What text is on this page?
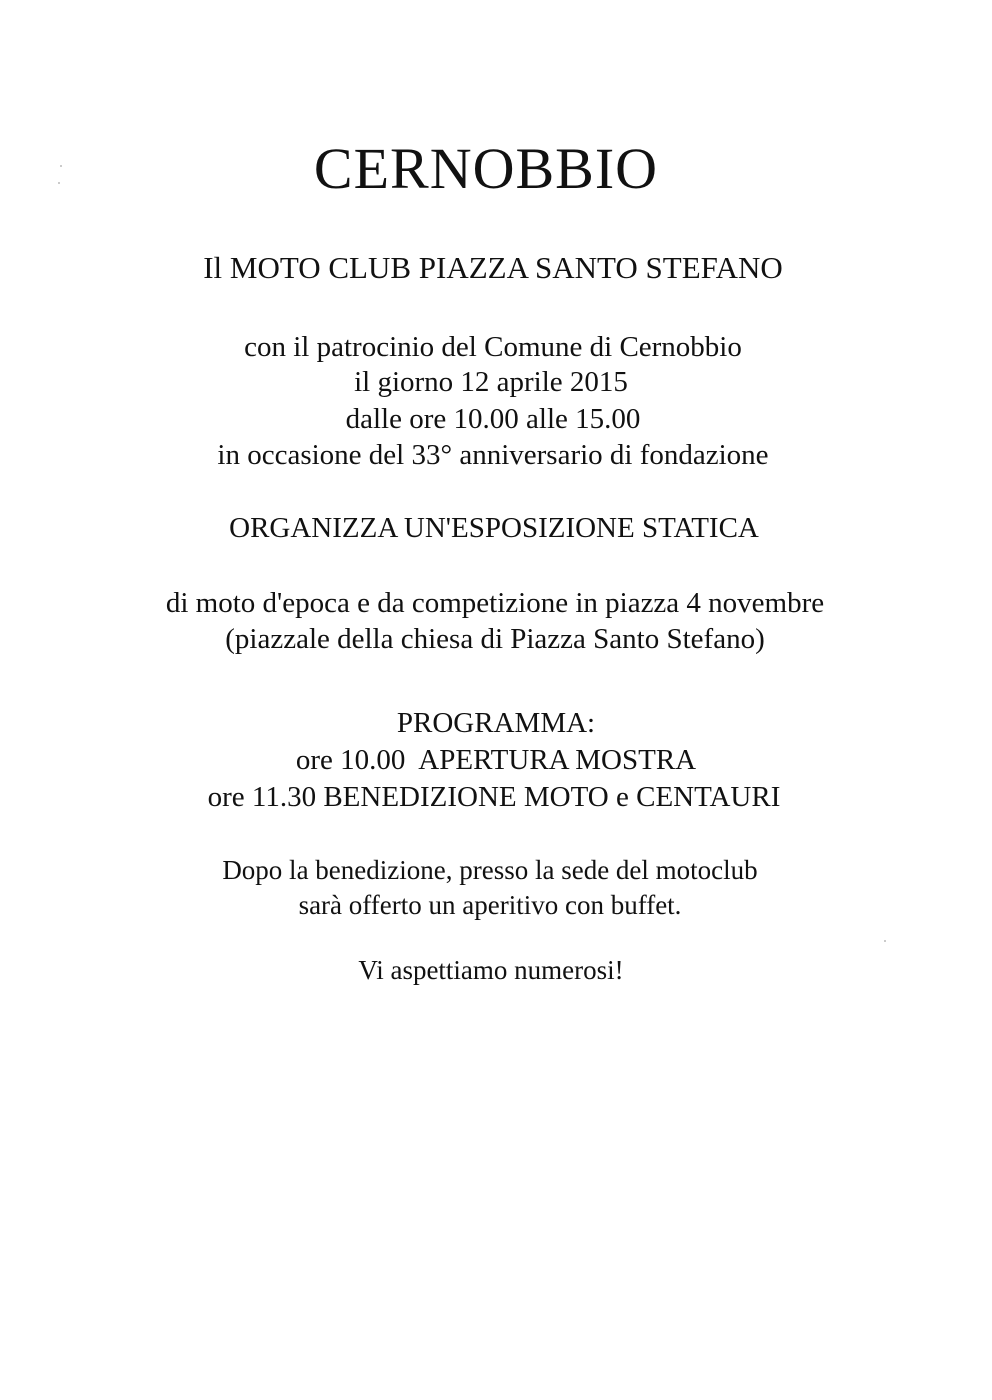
CERNOBBIO
Il MOTO CLUB PIAZZA SANTO STEFANO
con il patrocinio del Comune di Cernobbio
il giorno 12 aprile 2015
dalle ore 10.00 alle 15.00
in occasione del 33° anniversario di fondazione
ORGANIZZA UN'ESPOSIZIONE STATICA
di moto d'epoca e da competizione in piazza 4 novembre
(piazzale della chiesa di Piazza Santo Stefano)
PROGRAMMA:
ore 10.00  APERTURA MOSTRA
ore 11.30 BENEDIZIONE MOTO e CENTAURI
Dopo la benedizione, presso la sede del motoclub
sarà offerto un aperitivo con buffet.
Vi aspettiamo numerosi!
